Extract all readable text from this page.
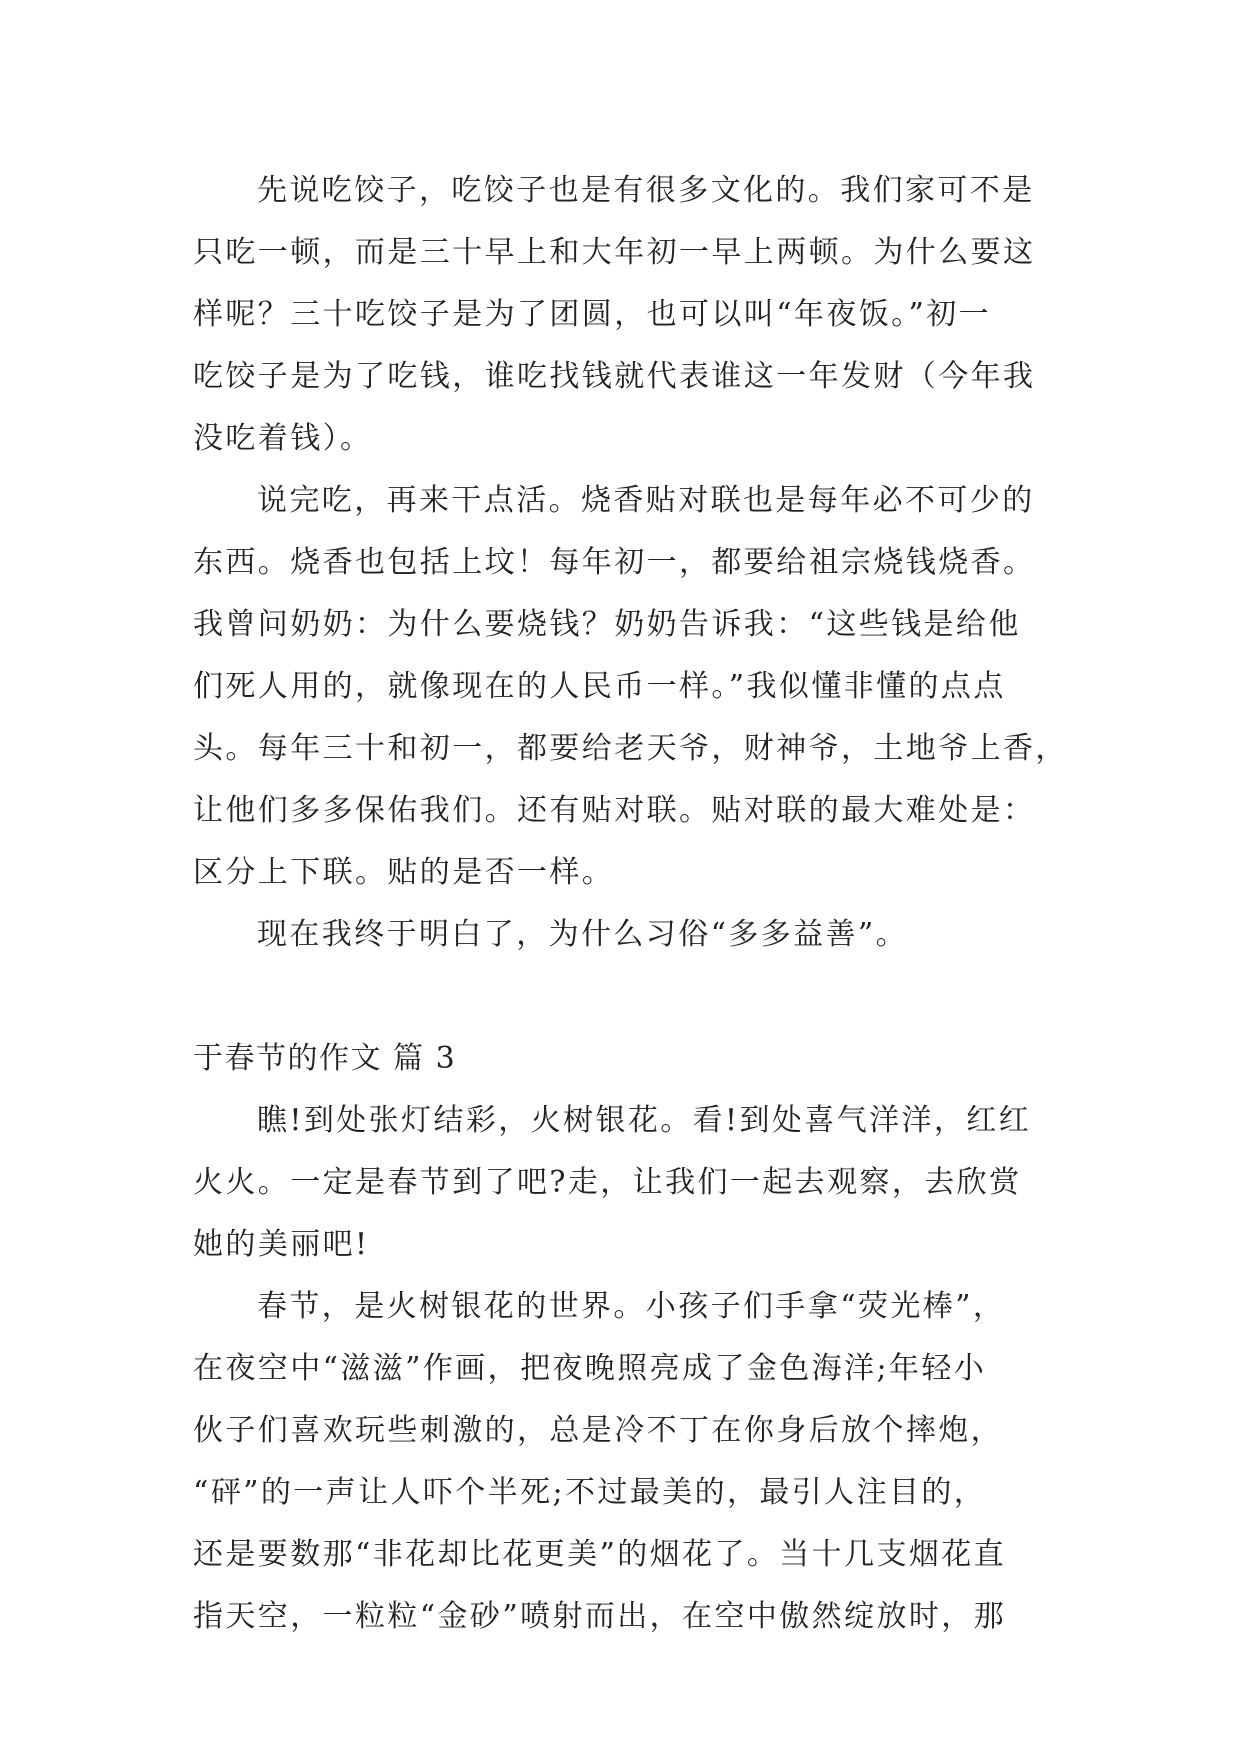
先说吃饺子，吃饺子也是有很多文化的。我们家可不是
只吃一顿，而是三十早上和大年初一早上两顿。为什么要这
样呢？三十吃饺子是为了团圆，也可以叫“年夜饭。”初一
吃饺子是为了吃钱，谁吃找钱就代表谁这一年发财（今年我
没吃着钱）。
说完吃，再来干点活。烧香贴对联也是每年必不可少的
东西。烧香也包括上坟！每年初一，都要给祖宗烧钱烧香。
我曾问奶奶：为什么要烧钱？奶奶告诉我：“这些钱是给他
们死人用的，就像现在的人民币一样。”我似懂非懂的点点
头。每年三十和初一，都要给老天爷，财神爷，土地爷上香，
让他们多多保佑我们。还有贴对联。贴对联的最大难处是：
区分上下联。贴的是否一样。
现在我终于明白了，为什么习俗“多多益善”。
于春节的作文 篇 3
瞧!到处张灯结彩，火树银花。看!到处喜气洋洋，红红
火火。一定是春节到了吧?走，让我们一起去观察，去欣赏
她的美丽吧!
春节，是火树银花的世界。小孩子们手拿“荧光棒”，
在夜空中“滋滋”作画，把夜晚照亮成了金色海洋;年轻小
伙子们喜欢玩些刺激的，总是冷不丁在你身后放个摔炮，
“砰”的一声让人吓个半死;不过最美的，最引人注目的，
还是要数那“非花却比花更美”的烟花了。当十几支烟花直
指天空，一粒粒“金砂”喷射而出，在空中傲然绽放时，那
